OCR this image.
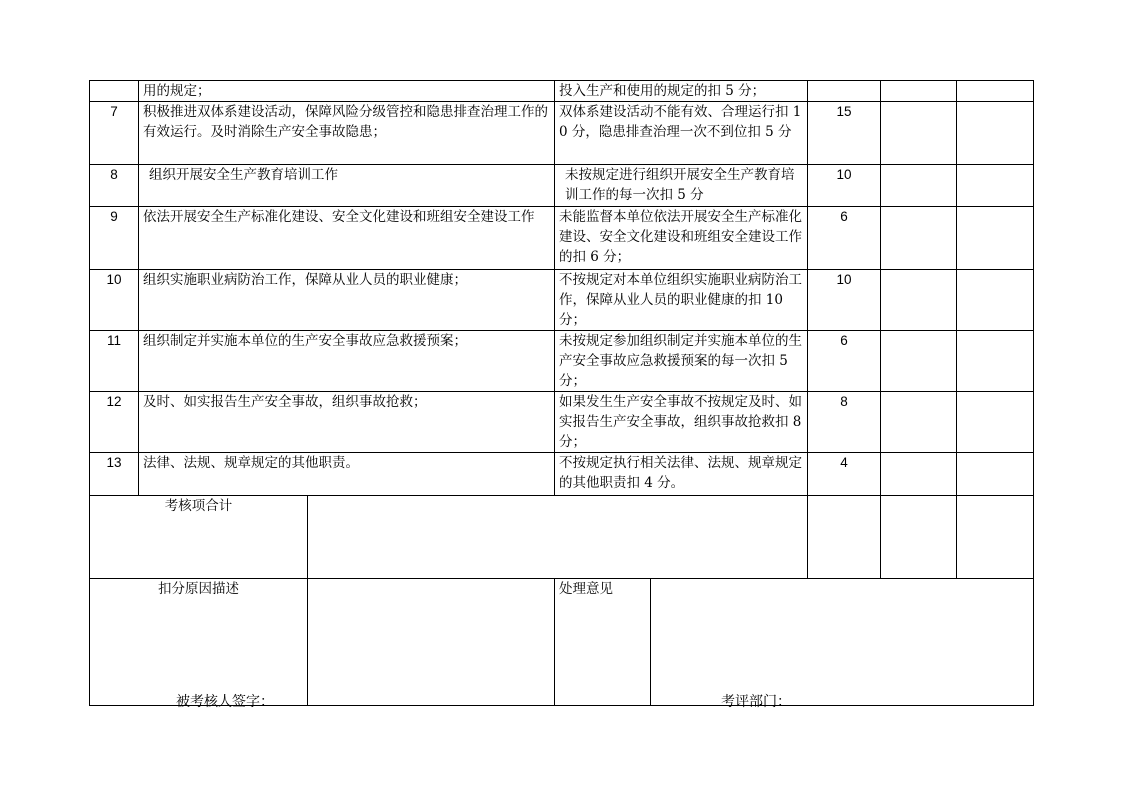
	用的规定；		投入生产和使用的规定的扣 5 分；				
7	积极推进双体系建设活动，保障风险分级管控和隐患排查治理工作的有效运行。及时消除生产安全事故隐患；		双体系建设活动不能有效、合理运行扣 10 分，隐患排查治理一次不到位扣 5 分		15		
8	组织开展安全生产教育培训工作		未按规定进行组织开展安全生产教育培训工作的每一次扣 5 分		10		
9	依法开展安全生产标准化建设、安全文化建设和班组安全建设工作		未能监督本单位依法开展安全生产标准化建设、安全文化建设和班组安全建设工作的扣 6 分；		6		
10	组织实施职业病防治工作，保障从业人员的职业健康；		不按规定对本单位组织实施职业病防治工作，保障从业人员的职业健康的扣 10 分；		10		
11	组织制定并实施本单位的生产安全事故应急救援预案；		未按规定参加组织制定并实施本单位的生产安全事故应急救援预案的每一次扣 5 分；		6		
12	及时、如实报告生产安全事故，组织事故抢救；		如果发生生产安全事故不按规定及时、如实报告生产安全事故，组织事故抢救扣 8 分；		8		
13	法律、法规、规章规定的其他职责。		不按规定执行相关法律、法规、规章规定的其他职责扣 4 分。		4		
考核项合计							
扣分原因描述			处理意见				
被考核人签字：	考评部门：
